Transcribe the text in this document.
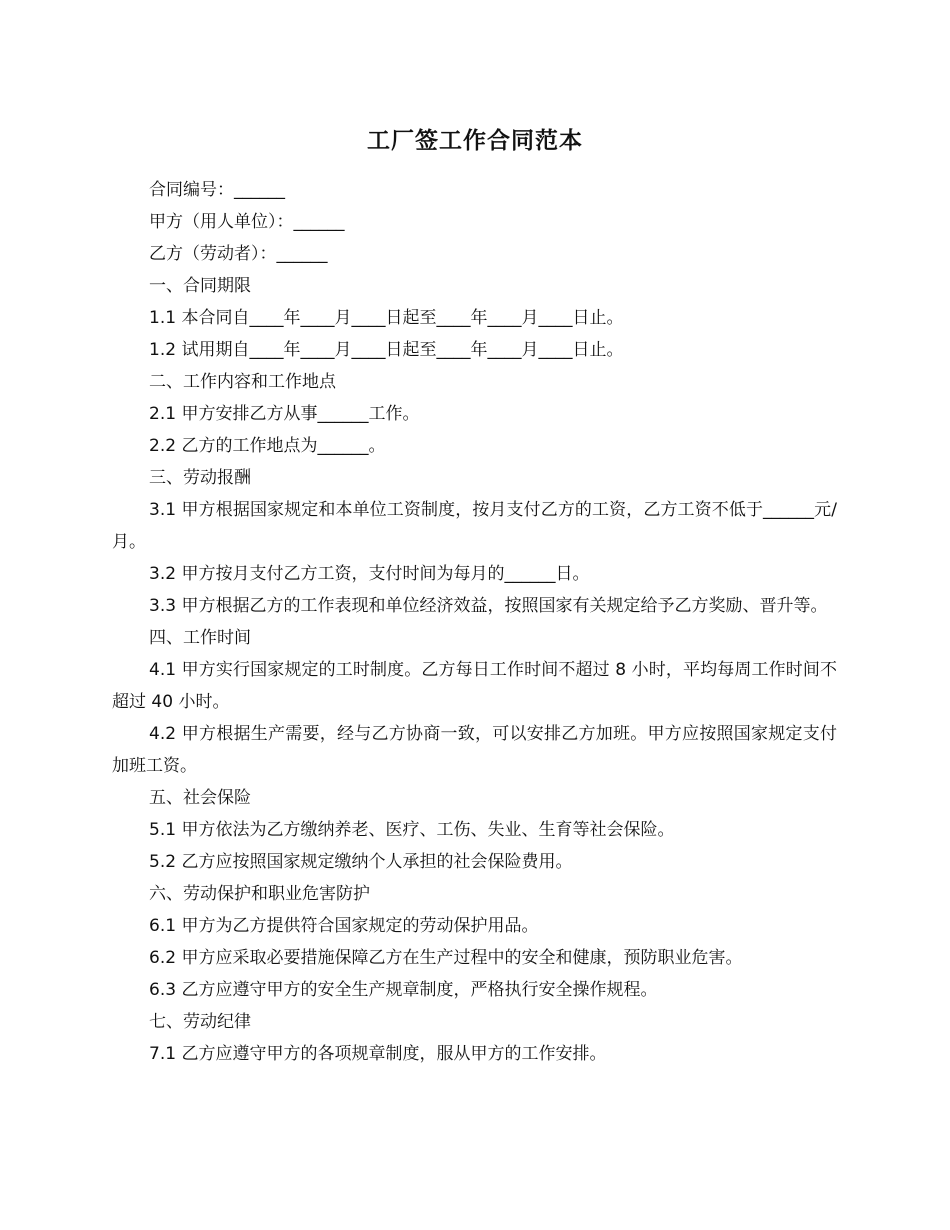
工厂签工作合同范本
合同编号：______
甲方（用人单位）：______
乙方（劳动者）：______
一、合同期限
1.1 本合同自____年____月____日起至____年____月____日止。
1.2 试用期自____年____月____日起至____年____月____日止。
二、工作内容和工作地点
2.1 甲方安排乙方从事______工作。
2.2 乙方的工作地点为______。
三、劳动报酬
3.1 甲方根据国家规定和本单位工资制度，按月支付乙方的工资，乙方工资不低于______元/月。
3.2 甲方按月支付乙方工资，支付时间为每月的______日。
3.3 甲方根据乙方的工作表现和单位经济效益，按照国家有关规定给予乙方奖励、晋升等。
四、工作时间
4.1 甲方实行国家规定的工时制度。乙方每日工作时间不超过 8 小时，平均每周工作时间不超过 40 小时。
4.2 甲方根据生产需要，经与乙方协商一致，可以安排乙方加班。甲方应按照国家规定支付加班工资。
五、社会保险
5.1 甲方依法为乙方缴纳养老、医疗、工伤、失业、生育等社会保险。
5.2 乙方应按照国家规定缴纳个人承担的社会保险费用。
六、劳动保护和职业危害防护
6.1 甲方为乙方提供符合国家规定的劳动保护用品。
6.2 甲方应采取必要措施保障乙方在生产过程中的安全和健康，预防职业危害。
6.3 乙方应遵守甲方的安全生产规章制度，严格执行安全操作规程。
七、劳动纪律
7.1 乙方应遵守甲方的各项规章制度，服从甲方的工作安排。
